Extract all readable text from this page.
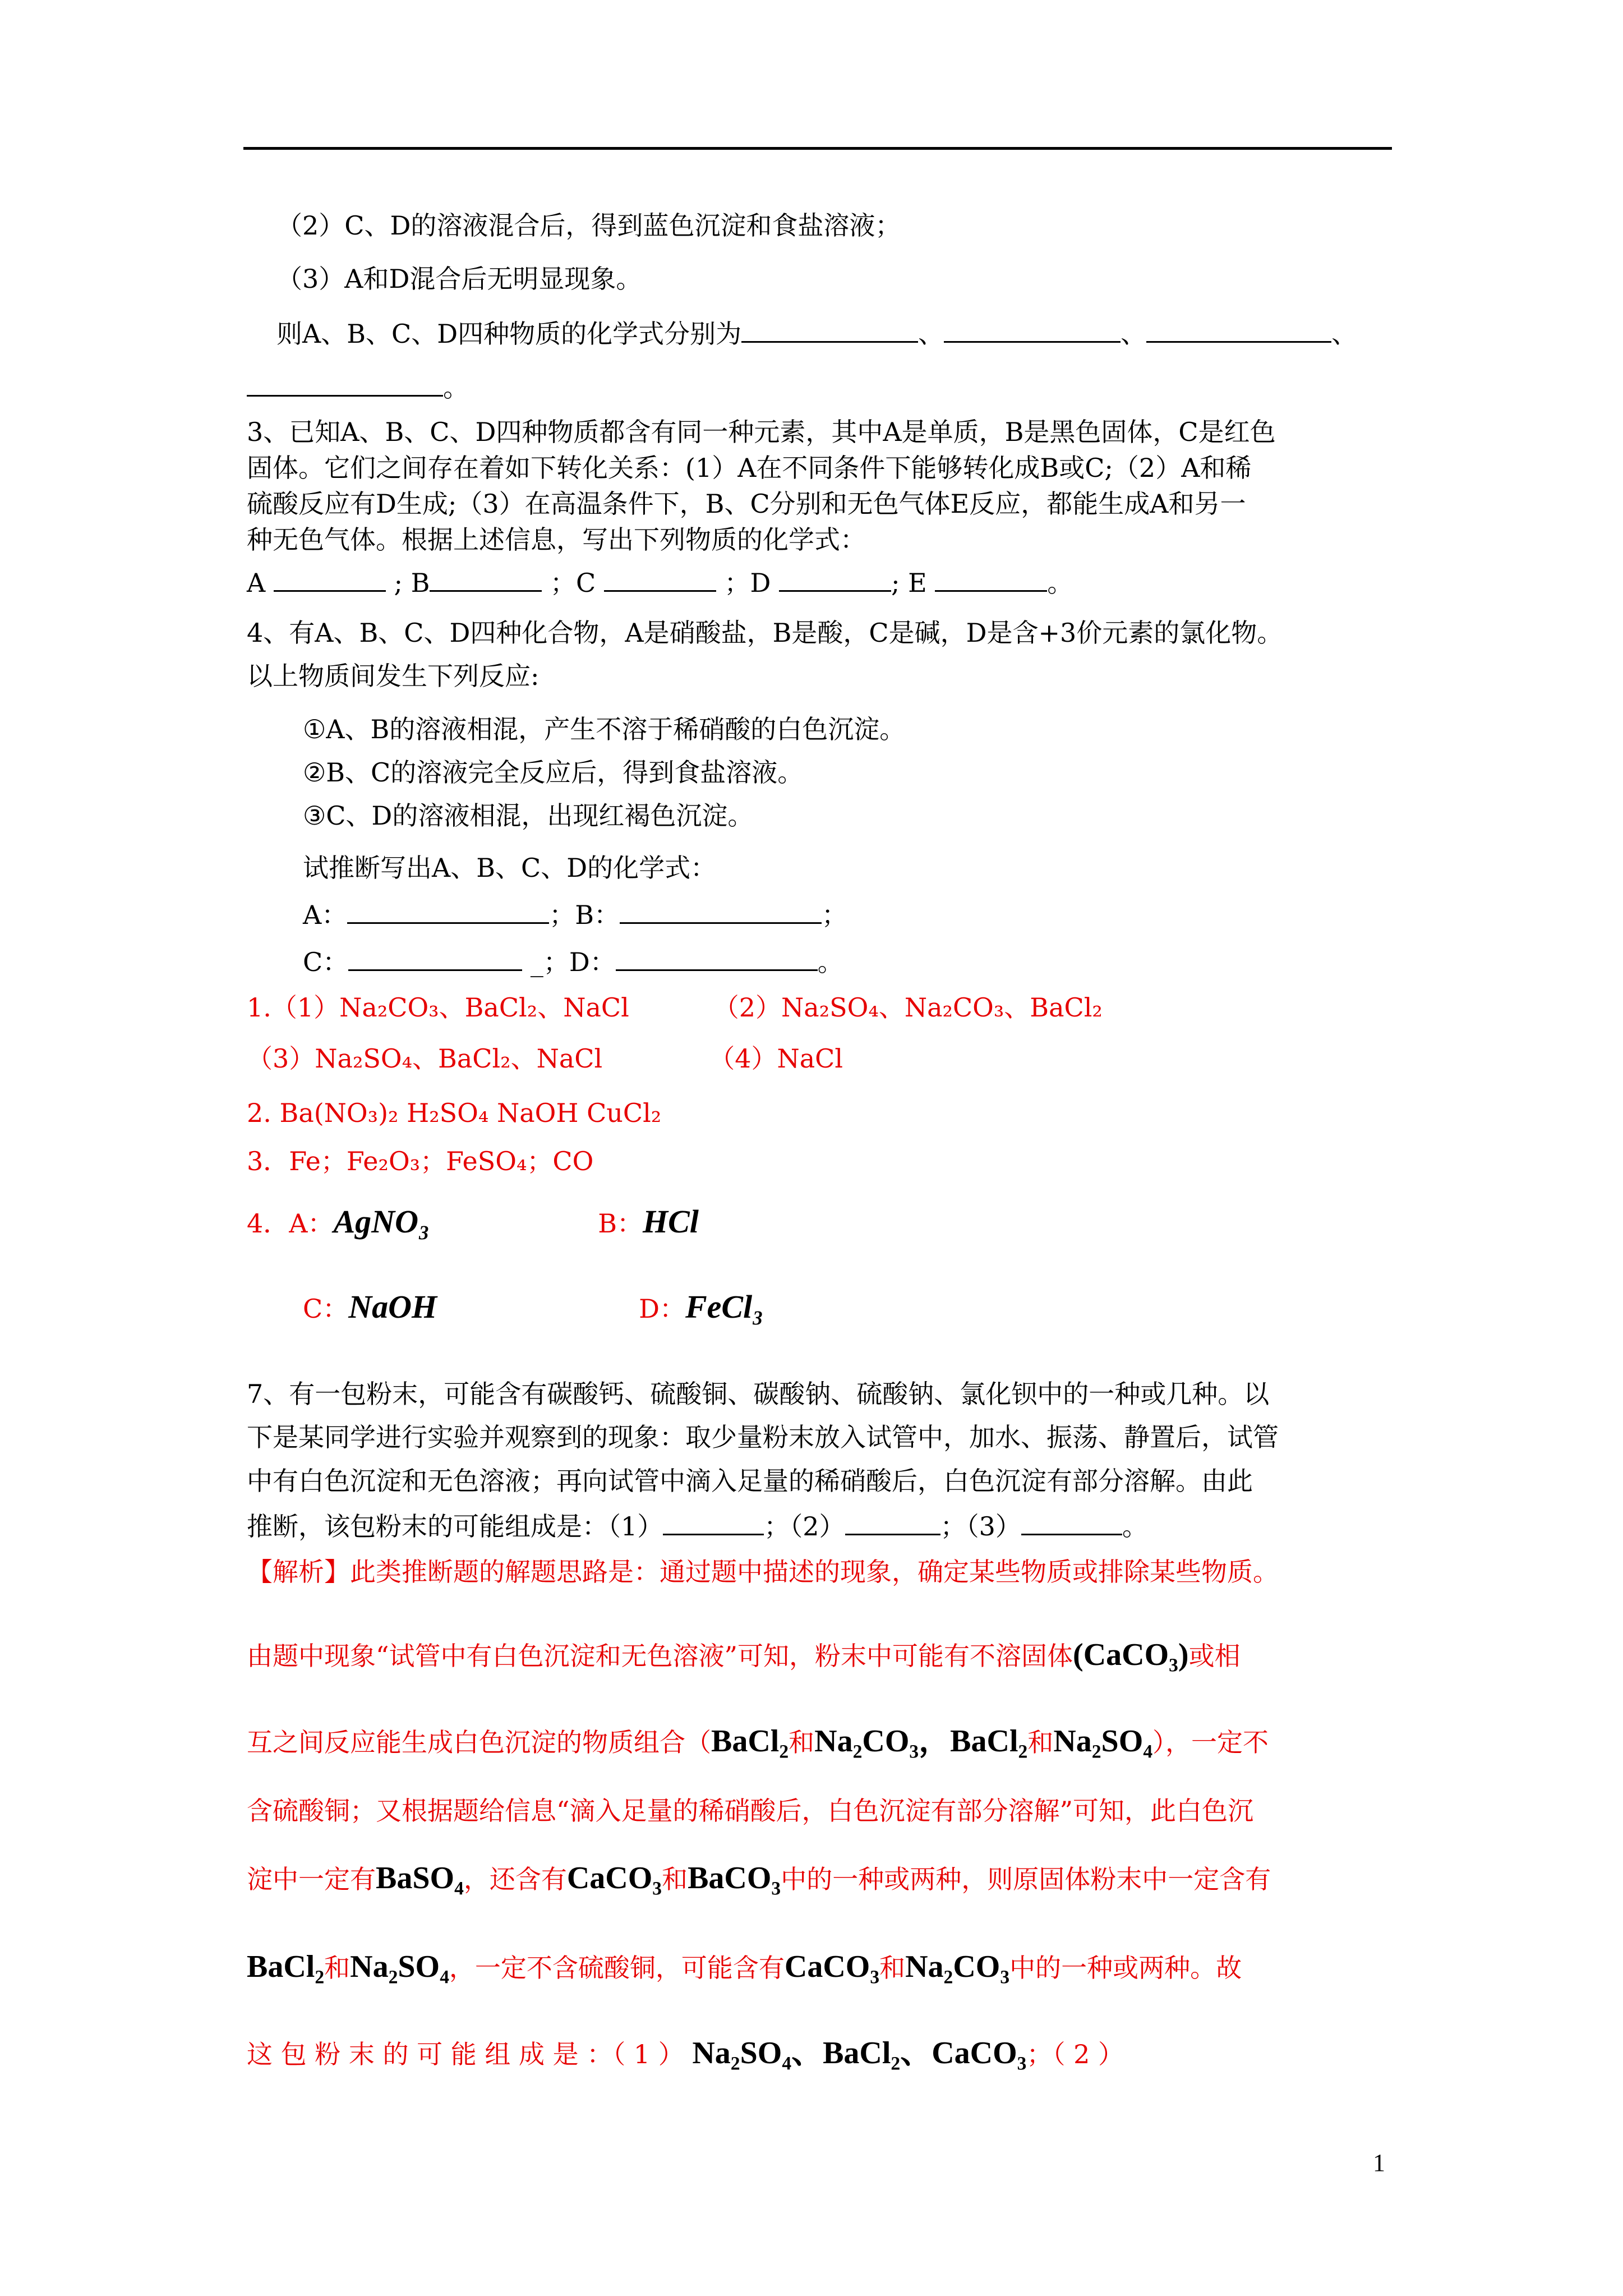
（2）C、D的溶液混合后，得到蓝色沉淀和食盐溶液；
（3）A和D混合后无明显现象。
则A、B、C、D四种物质的化学式分别为	、	、	、
。
3、已知A、B、C、D四种物质都含有同一种元素，其中A是单质，B是黑色固体，C是红色
固体。它们之间存在着如下转化关系：(1）A在不同条件下能够转化成B或C;（2）A和稀
硫酸反应有D生成;（3）在高温条件下，B、C分别和无色气体E反应，都能生成A和另一
种无色气体。根据上述信息，写出下列物质的化学式：
A	; B	；C	；D	; E	。
4、有A、B、C、D四种化合物，A是硝酸盐，B是酸，C是碱，D是含+3价元素的氯化物。
以上物质间发生下列反应:
①A、B的溶液相混，产生不溶于稀硝酸的白色沉淀。
②B、C的溶液完全反应后，得到食盐溶液。
③C、D的溶液相混，出现红褐色沉淀。
试推断写出A、B、C、D的化学式：
A：	；B：	；
C：	_；D：	。
1.（1）Na₂CO₃、BaCl₂、NaCl	（2）Na₂SO₄、Na₂CO₃、BaCl₂
（3）Na₂SO₄、BaCl₂、NaCl	（4）NaCl
2. Ba(NO₃)₂ H₂SO₄ NaOH CuCl₂
3．Fe；Fe₂O₃；FeSO₄；CO
4．A：AgNO₃	B：HCl
C：NaOH	D：FeCl₃
7、有一包粉末，可能含有碳酸钙、硫酸铜、碳酸钠、硫酸钠、氯化钡中的一种或几种。以
下是某同学进行实验并观察到的现象：取少量粉末放入试管中，加水、振荡、静置后，试管
中有白色沉淀和无色溶液；再向试管中滴入足量的稀硝酸后，白色沉淀有部分溶解。由此
推断，该包粉末的可能组成是：（1）	；（2）	；（3）	。
【解析】此类推断题的解题思路是：通过题中描述的现象，确定某些物质或排除某些物质。
由题中现象“试管中有白色沉淀和无色溶液”可知，粉末中可能有不溶固体(CaCO₃)或相
互之间反应能生成白色沉淀的物质组合（BaCl₂和Na₂CO₃，BaCl₂和Na₂SO₄），一定不
含硫酸铜；又根据题给信息“滴入足量的稀硝酸后，白色沉淀有部分溶解”可知，此白色沉
淀中一定有BaSO₄，还含有CaCO₃和BaCO₃中的一种或两种，则原固体粉末中一定含有
BaCl₂和Na₂SO₄，一定不含硫酸铜，可能含有CaCO₃和Na₂CO₃中的一种或两种。故
这 包 粉 末 的 可 能 组 成 是 ：（ 1 ） Na₂SO₄、BaCl₂、CaCO₃；（ 2 ）
1
